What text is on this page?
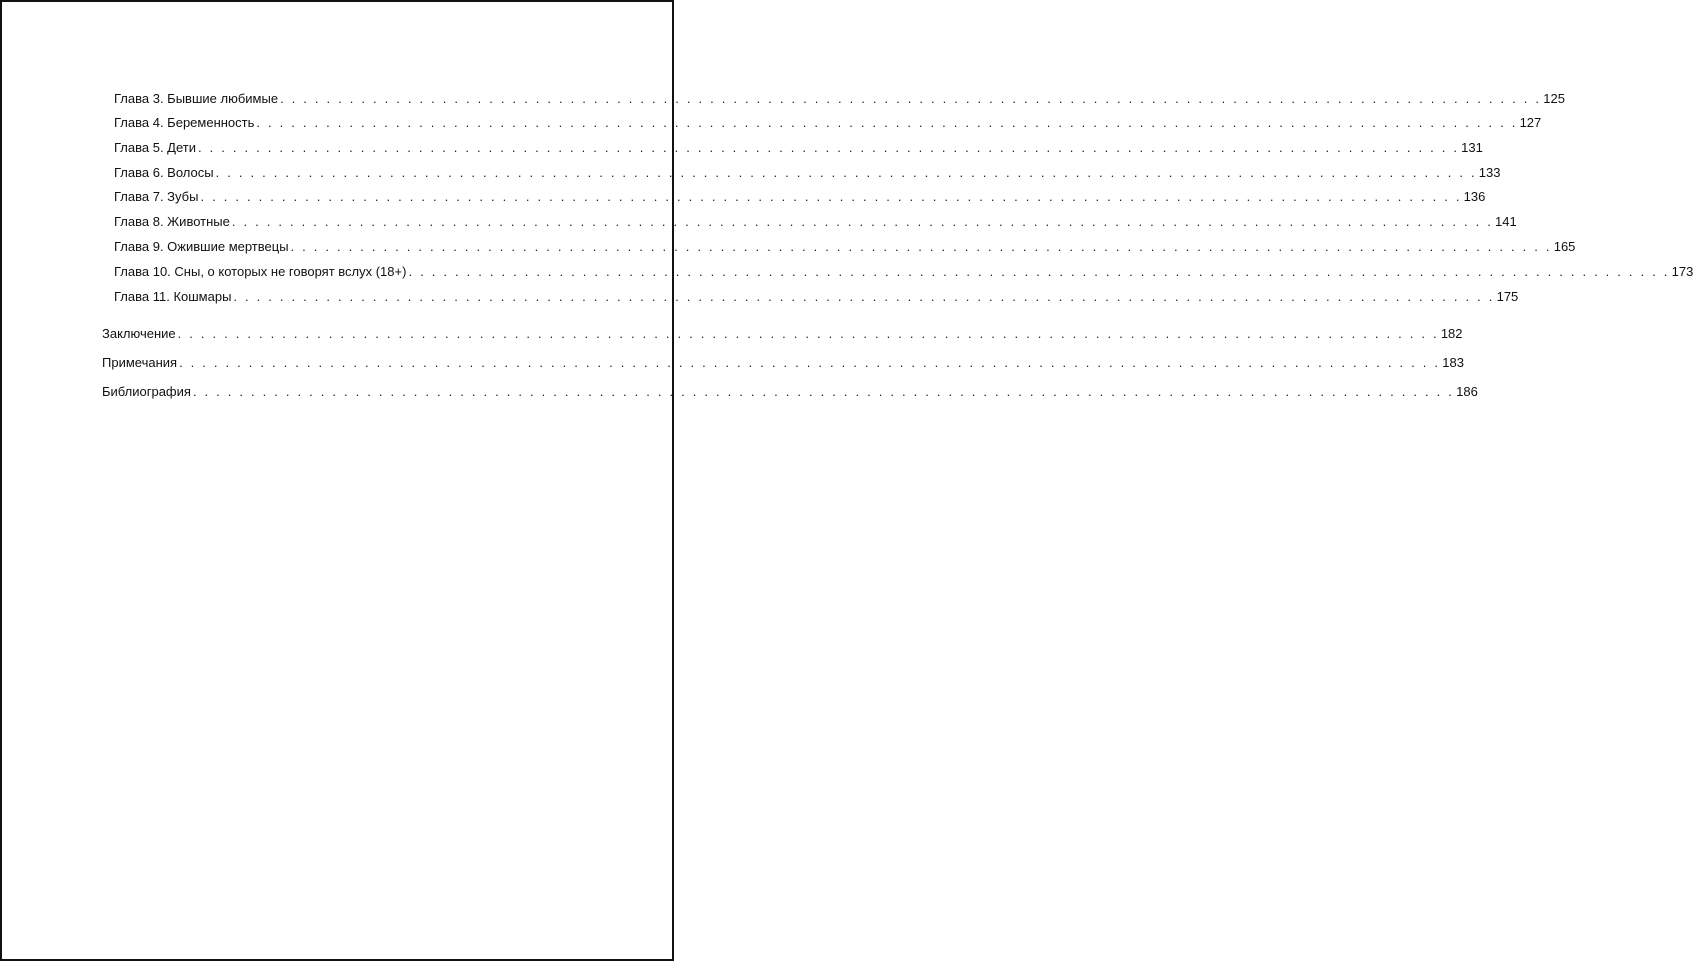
Глава 3. Бывшие любимые . . . . . . . . . . . . . . . . . . . . . . . . . . . . . . . . . . . . . . . . . . . . . . . . . . . . . . . . . . . . . . . . . . . . . . . . . . . . . . . . . . . . . . . . . . . . . . . . . . . . . . . . . . . . . 125
Глава 4. Беременность . . . . . . . . . . . . . . . . . . . . . . . . . . . . . . . . . . . . . . . . . . . . . . . . . . . . . . . . . . . . . . . . . . . . . . . . . . . . . . . . . . . . . . . . . . . . . . . . . . . . . . . . . . . . . 127
Глава 5. Дети . . . . . . . . . . . . . . . . . . . . . . . . . . . . . . . . . . . . . . . . . . . . . . . . . . . . . . . . . . . . . . . . . . . . . . . . . . . . . . . . . . . . . . . . . . . . . . . . . . . . . . . . . . . . . 131
Глава 6. Волосы . . . . . . . . . . . . . . . . . . . . . . . . . . . . . . . . . . . . . . . . . . . . . . . . . . . . . . . . . . . . . . . . . . . . . . . . . . . . . . . . . . . . . . . . . . . . . . . . . . . . . . . . . . . . . 133
Глава 7. Зубы . . . . . . . . . . . . . . . . . . . . . . . . . . . . . . . . . . . . . . . . . . . . . . . . . . . . . . . . . . . . . . . . . . . . . . . . . . . . . . . . . . . . . . . . . . . . . . . . . . . . . . . . . . . . . 136
Глава 8. Животные . . . . . . . . . . . . . . . . . . . . . . . . . . . . . . . . . . . . . . . . . . . . . . . . . . . . . . . . . . . . . . . . . . . . . . . . . . . . . . . . . . . . . . . . . . . . . . . . . . . . . . . . . . . . . 141
Глава 9. Ожившие мертвецы . . . . . . . . . . . . . . . . . . . . . . . . . . . . . . . . . . . . . . . . . . . . . . . . . . . . . . . . . . . . . . . . . . . . . . . . . . . . . . . . . . . . . . . . . . . . . . . . . . . . . . . . . . . . . 165
Глава 10. Сны, о которых не говорят вслух (18+) . . . . . . . . . . . . . . . . . . . . . . . . . . . . . . . . . . . . . . . . . . . . . . . . . . . . . . . . . . . . . . . . . . . . . . . . . . . . . . . . . . . . . . . . . . . . . . . . . . . . . . . . . . . . . 173
Глава 11. Кошмары . . . . . . . . . . . . . . . . . . . . . . . . . . . . . . . . . . . . . . . . . . . . . . . . . . . . . . . . . . . . . . . . . . . . . . . . . . . . . . . . . . . . . . . . . . . . . . . . . . . . . . . . . . . . . 175
Заключение . . . . . . . . . . . . . . . . . . . . . . . . . . . . . . . . . . . . . . . . . . . . . . . . . . . . . . . . . . . . . . . . . . . . . . . . . . . . . . . . . . . . . . . . . . . . . . . . . . . . . . . . . . . . . 182
Примечания . . . . . . . . . . . . . . . . . . . . . . . . . . . . . . . . . . . . . . . . . . . . . . . . . . . . . . . . . . . . . . . . . . . . . . . . . . . . . . . . . . . . . . . . . . . . . . . . . . . . . . . . . . . . . 183
Библиография . . . . . . . . . . . . . . . . . . . . . . . . . . . . . . . . . . . . . . . . . . . . . . . . . . . . . . . . . . . . . . . . . . . . . . . . . . . . . . . . . . . . . . . . . . . . . . . . . . . . . . . . . . . . . 186
